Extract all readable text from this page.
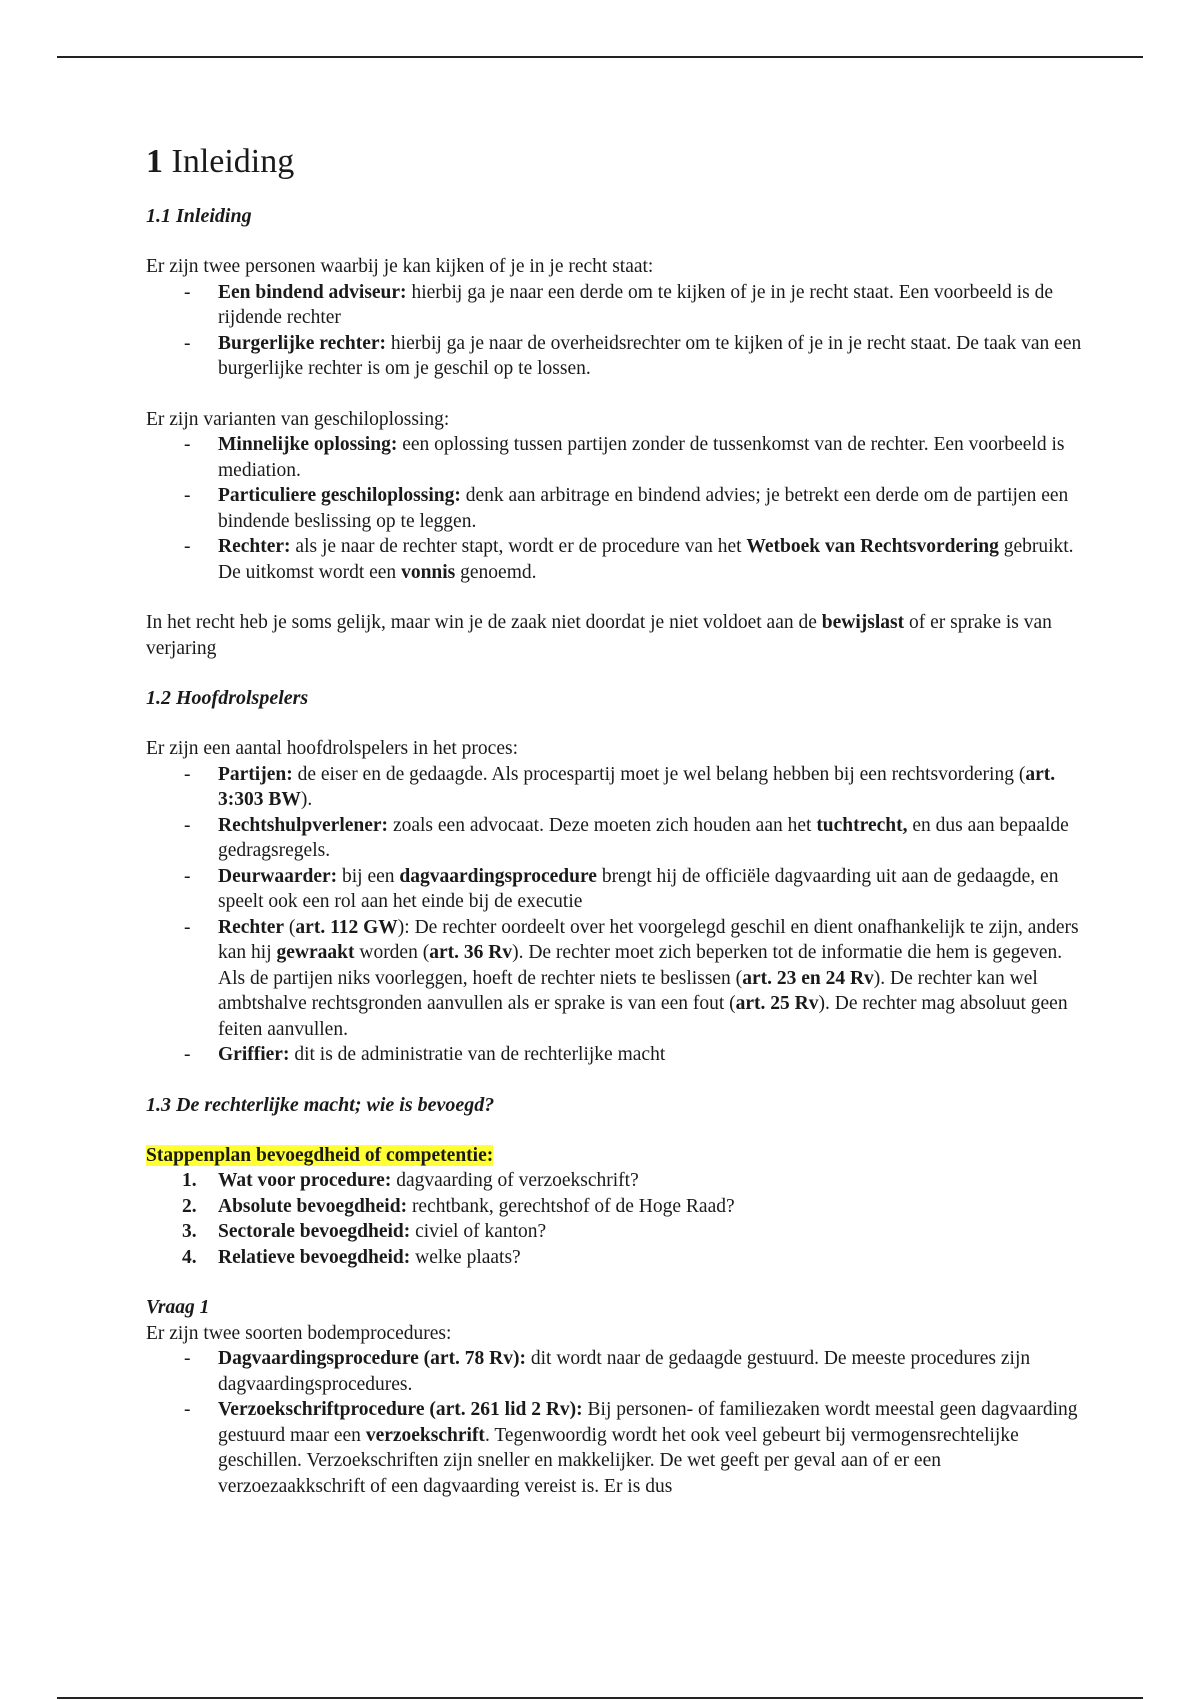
1 Inleiding
1.1 Inleiding

Er zijn twee personen waarbij je kan kijken of je in je recht staat:

- Een bindend adviseur: hierbij ga je naar een derde om te kijken of je in je recht staat. Een voorbeeld is de rijdende rechter
- Burgerlijke rechter: hierbij ga je naar de overheidsrechter om te kijken of je in je recht staat. De taak van een burgerlijke rechter is om je geschil op te lossen.

Er zijn varianten van geschiloplossing:

- Minnelijke oplossing: een oplossing tussen partijen zonder de tussenkomst van de rechter. Een voorbeeld is mediation.
- Particuliere geschiloplossing: denk aan arbitrage en bindend advies; je betrekt een derde om de partijen een bindende beslissing op te leggen.
- Rechter: als je naar de rechter stapt, wordt er de procedure van het Wetboek van Rechtsvordering gebruikt. De uitkomst wordt een vonnis genoemd.

In het recht heb je soms gelijk, maar win je de zaak niet doordat je niet voldoet aan de bewijslast of er sprake is van verjaring

1.2 Hoofdrolspelers

Er zijn een aantal hoofdrolspelers in het proces:

- Partijen: de eiser en de gedaagde. Als procespartij moet je wel belang hebben bij een rechtsvordering (art. 3:303 BW).
- Rechtshulpverlener: zoals een advocaat. Deze moeten zich houden aan het tuchtrecht, en dus aan bepaalde gedragsregels.
- Deurwaarder: bij een dagvaardingsprocedure brengt hij de officiële dagvaarding uit aan de gedaagde, en speelt ook een rol aan het einde bij de executie
- Rechter (art. 112 GW): De rechter oordeelt over het voorgelegd geschil en dient onafhankelijk te zijn, anders kan hij gewraakt worden (art. 36 Rv). De rechter moet zich beperken tot de informatie die hem is gegeven. Als de partijen niks voorleggen, hoeft de rechter niets te beslissen (art. 23 en 24 Rv). De rechter kan wel ambtshalve rechtsgronden aanvullen als er sprake is van een fout (art. 25 Rv). De rechter mag absoluut geen feiten aanvullen.
- Griffier: dit is de administratie van de rechterlijke macht
1.3 De rechterlijke macht; wie is bevoegd?

Stappenplan bevoegdheid of competentie:

1. Wat voor procedure: dagvaarding of verzoekschrift?
2. Absolute bevoegdheid: rechtbank, gerechtshof of de Hoge Raad?
3. Sectorale bevoegdheid: civiel of kanton?
4. Relatieve bevoegdheid: welke plaats?

Vraag 1

Er zijn twee soorten bodemprocedures:

- Dagvaardingsprocedure (art. 78 Rv): dit wordt naar de gedaagde gestuurd. De meeste procedures zijn dagvaardingsprocedures.
- Verzoekschriftprocedure (art. 261 lid 2 Rv): Bij personen- of familiezaken wordt meestal geen dagvaarding gestuurd maar een verzoekschrift. Tegenwoordig wordt het ook veel gebeurt bij vermogensrechtelijke geschillen. Verzoekschriften zijn sneller en makkelijker. De wet geeft per geval aan of er een verzoezaakkschrift of een dagvaarding vereist is. Er is dus
